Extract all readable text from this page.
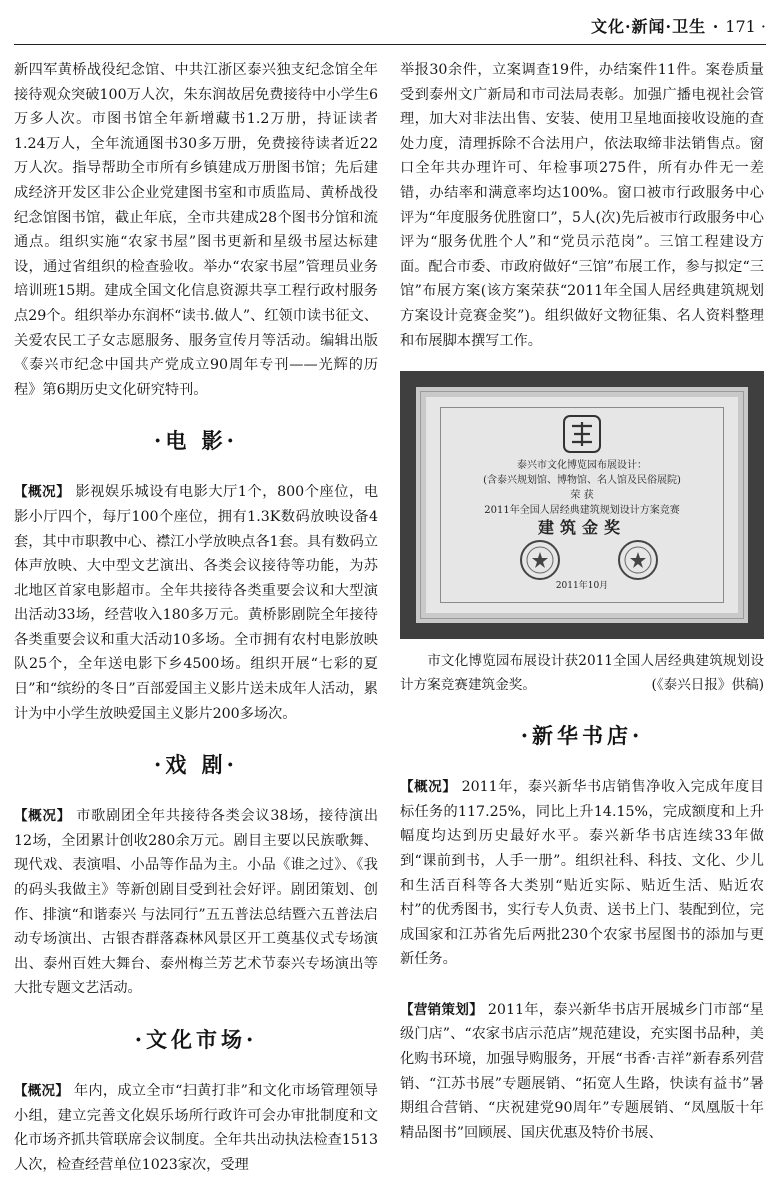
文化·新闻·卫生 · 171 ·

新四军黄桥战役纪念馆、中共江浙区泰兴独支纪念馆全年接待观众突破100万人次，朱东润故居免费接待中小学生6万多人次。市图书馆全年新增藏书1.2万册，持证读者1.24万人，全年流通图书30多万册，免费接待读者近22万人次。指导帮助全市所有乡镇建成万册图书馆；先后建成经济开发区非公企业党建图书室和市质监局、黄桥战役纪念馆图书馆，截止年底，全市共建成28个图书分馆和流通点。组织实施“农家书屋”图书更新和星级书屋达标建设，通过省组织的检查验收。举办“农家书屋”管理员业务培训班15期。建成全国文化信息资源共享工程行政村服务点29个。组织举办东润杯“读书.做人”、红领巾读书征文、关爱农民工子女志愿服务、服务宣传月等活动。编辑出版《泰兴市纪念中国共产党成立90周年专刊——光辉的历程》第6期历史文化研究特刊。

·电 影·

【概况】 影视娱乐城设有电影大厅1个，800个座位，电影小厅四个，每厅100个座位，拥有1.3K数码放映设备4套，其中市职教中心、襟江小学放映点各1套。具有数码立体声放映、大中型文艺演出、各类会议接待等功能，为苏北地区首家电影超市。全年共接待各类重要会议和大型演出活动33场，经营收入180多万元。黄桥影剧院全年接待各类重要会议和重大活动10多场。全市拥有农村电影放映队25个，全年送电影下乡4500场。组织开展“七彩的夏日”和“缤纷的冬日”百部爱国主义影片送未成年人活动，累计为中小学生放映爱国主义影片200多场次。

·戏 剧·

【概况】 市歌剧团全年共接待各类会议38场，接待演出12场，全团累计创收280余万元。剧目主要以民族歌舞、现代戏、表演唱、小品等作品为主。小品《谁之过》、《我的码头我做主》等新创剧目受到社会好评。剧团策划、创作、排演“和谐泰兴 与法同行”五五普法总结暨六五普法启动专场演出、古银杏群落森林风景区开工奠基仪式专场演出、泰州百姓大舞台、泰州梅兰芳艺术节泰兴专场演出等大批专题文艺活动。

·文化市场·

【概况】 年内，成立全市“扫黄打非”和文化市场管理领导小组，建立完善文化娱乐场所行政许可会办审批制度和文化市场齐抓共管联席会议制度。全年共出动执法检查1513人次，检查经营单位1023家次，受理

举报30余件，立案调查19件，办结案件11件。案卷质量受到泰州文广新局和市司法局表彰。加强广播电视社会管理，加大对非法出售、安装、使用卫星地面接收设施的查处力度，清理拆除不合法用户，依法取缔非法销售点。窗口全年共办理许可、年检事项275件，所有办件无一差错，办结率和满意率均达100%。窗口被市行政服务中心评为“年度服务优胜窗口”，5人(次)先后被市行政服务中心评为“服务优胜个人”和“党员示范岗”。三馆工程建设方面。配合市委、市政府做好“三馆”布展工作，参与拟定“三馆”布展方案(该方案荣获“2011年全国人居经典建筑规划方案设计竞赛金奖”)。组织做好文物征集、名人资料整理和布展脚本撰写工作。

泰兴市文化博览园布展设计：
(含泰兴规划馆、博物馆、名人馆及民俗展院)
荣 获
2011年全国人居经典建筑规划设计方案竞赛
建筑金奖
2011年10月
市文化博览园布展设计获2011全国人居经典建筑规划设计方案竞赛建筑金奖。	(《泰兴日报》供稿)
·新华书店·

【概况】 2011年，泰兴新华书店销售净收入完成年度目标任务的117.25%，同比上升14.15%，完成额度和上升幅度均达到历史最好水平。泰兴新华书店连续33年做到“课前到书，人手一册”。组织社科、科技、文化、少儿和生活百科等各大类别“贴近实际、贴近生活、贴近农村”的优秀图书，实行专人负责、送书上门、装配到位，完成国家和江苏省先后两批230个农家书屋图书的添加与更新任务。

【营销策划】 2011年，泰兴新华书店开展城乡门市部“星级门店”、“农家书店示范店”规范建设，充实图书品种，美化购书环境，加强导购服务，开展“书香·吉祥”新春系列营销、“江苏书展”专题展销、“拓宽人生路，快读有益书”暑期组合营销、“庆祝建党90周年”专题展销、“凤凰版十年精品图书”回顾展、国庆优惠及特价书展、
